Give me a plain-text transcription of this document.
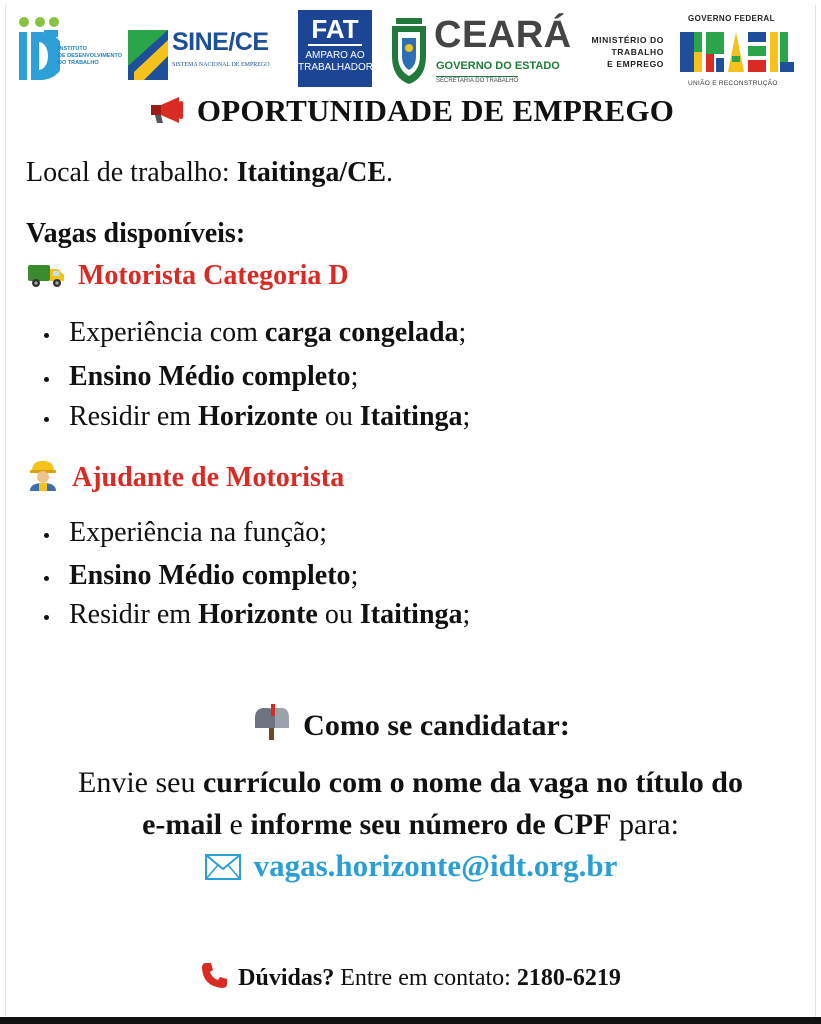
INSTITUTO
DE DESENVOLVIMENTO
DO TRABALHO
SINE/CE
SISTEMA NACIONAL DE EMPREGO
FAT
AMPARO AO
TRABALHADOR
CEARÁ
GOVERNO DO ESTADO
SECRETARIA DO TRABALHO
MINISTÉRIO DO
TRABALHO
E EMPREGO
GOVERNO FEDERAL
UNIÃO E RECONSTRUÇÃO
OPORTUNIDADE DE EMPREGO
Local de trabalho: Itaitinga/CE.
Vagas disponíveis:
Motorista Categoria D
Experiência com carga congelada;
Ensino Médio completo;
Residir em Horizonte ou Itaitinga;
Ajudante de Motorista
Experiência na função;
Ensino Médio completo;
Residir em Horizonte ou Itaitinga;
Como se candidatar:
Envie seu currículo com o nome da vaga no título do
e-mail e informe seu número de CPF para:
vagas.horizonte@idt.org.br
Dúvidas? Entre em contato: 2180-6219
